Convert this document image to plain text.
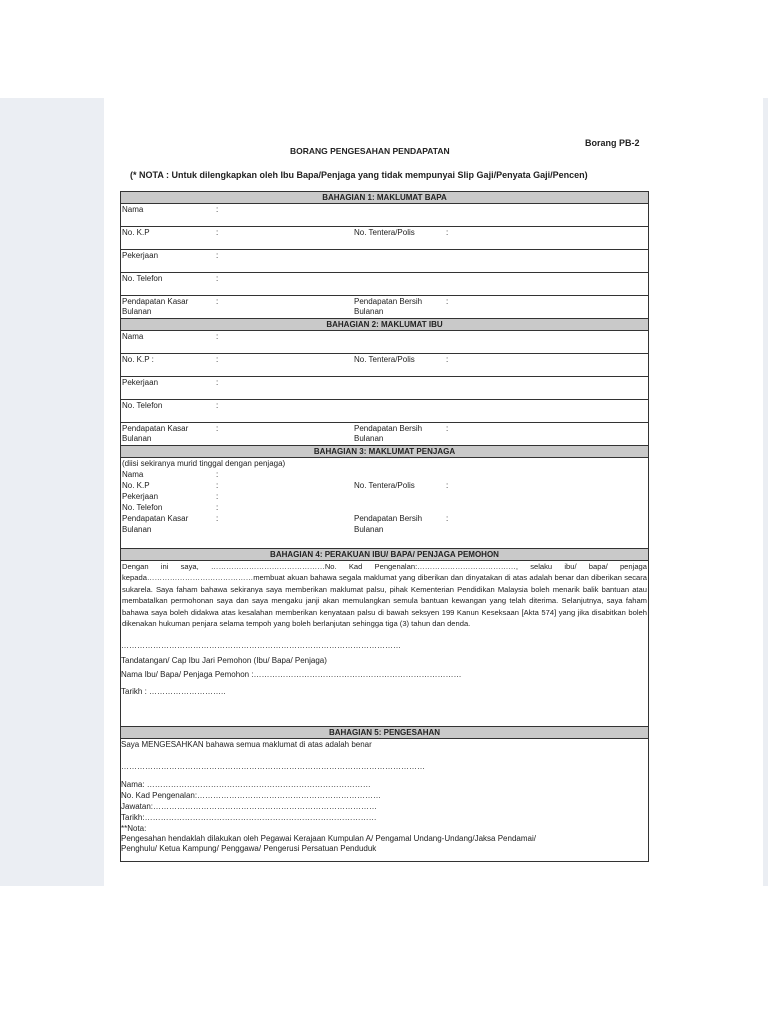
Borang PB-2
BORANG PENGESAHAN PENDAPATAN
(* NOTA : Untuk dilengkapkan oleh Ibu Bapa/Penjaga yang tidak mempunyai Slip Gaji/Penyata Gaji/Pencen)
BAHAGIAN 1: MAKLUMAT BAPA
Nama	:
No. K.P	:	No. Tentera/Polis	:
Pekerjaan	:
No. Telefon	:
Pendapatan Kasar	:	Pendapatan Bersih	:
Bulanan	Bulanan
BAHAGIAN 2: MAKLUMAT IBU
Nama	:
No. K.P :	:	No. Tentera/Polis	:
Pekerjaan	:
No. Telefon	:
Pendapatan Kasar	:	Pendapatan Bersih	:
Bulanan	Bulanan
BAHAGIAN 3: MAKLUMAT PENJAGA
(diisi sekiranya murid tinggal dengan penjaga)
Nama	:
No. K.P	:	No. Tentera/Polis	:
Pekerjaan	:
No. Telefon	:
Pendapatan Kasar	:	Pendapatan Bersih	:
Bulanan	Bulanan
BAHAGIAN 4: PERAKUAN IBU/ BAPA/ PENJAGA PEMOHON
Dengan ini saya, ………………………………………No. Kad Pengenalan:…………………………………, selaku ibu/ bapa/ penjaga kepada……………………………………membuat akuan bahawa segala maklumat yang diberikan dan dinyatakan di atas adalah benar dan diberikan secara sukarela. Saya faham bahawa sekiranya saya memberikan maklumat palsu, pihak Kementerian Pendidikan Malaysia boleh menarik balik bantuan atau membatalkan permohonan saya dan saya mengaku janji akan memulangkan semula bantuan kewangan yang telah diterima. Selanjutnya, saya faham bahawa saya boleh didakwa atas kesalahan memberikan kenyataan palsu di bawah seksyen 199 Kanun Keseksaan [Akta 574] yang jika disabitkan boleh dikenakan hukuman penjara selama tempoh yang boleh berlanjutan sehingga tiga (3) tahun dan denda.
……………………………………………………………………………………………
Tandatangan/ Cap Ibu Jari Pemohon (Ibu/ Bapa/ Penjaga)
Nama Ibu/ Bapa/ Penjaga Pemohon :……………………………………………………………………
Tarikh : ………………………..
BAHAGIAN 5: PENGESAHAN
Saya MENGESAHKAN bahawa semua maklumat di atas adalah benar
……………………………………………………………………………………………………
Nama: …………………………………………………………………………
No. Kad Pengenalan:……………………………………………………………
Jawatan:…………………………………………………………………………
Tarikh:……………………………………………………………………………
**Nota:
Pengesahan hendaklah dilakukan oleh Pegawai Kerajaan Kumpulan A/ Pengamal Undang-Undang/Jaksa Pendamai/
Penghulu/ Ketua Kampung/ Penggawa/ Pengerusi Persatuan Penduduk
